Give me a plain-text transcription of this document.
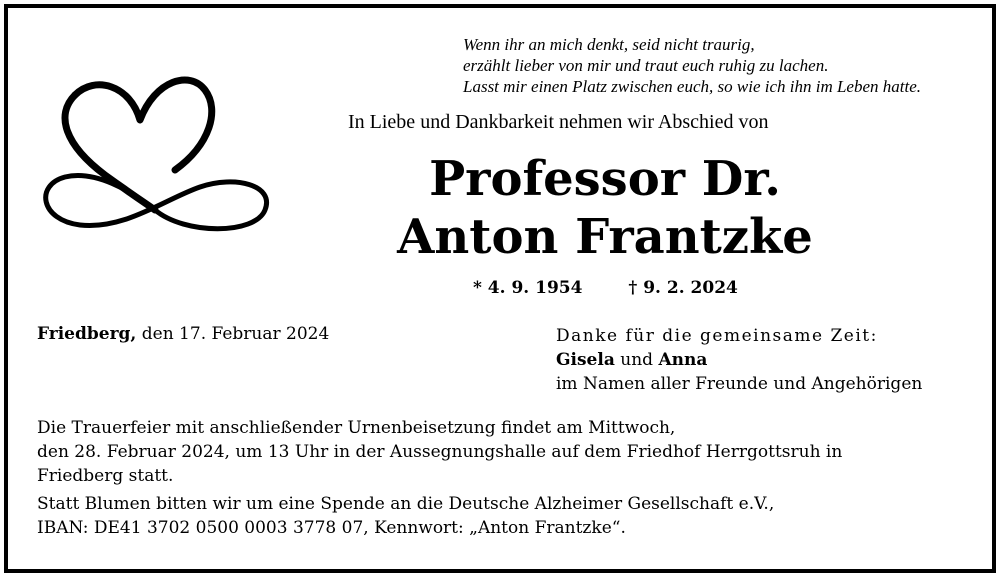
Wenn ihr an mich denkt, seid nicht traurig,
erzählt lieber von mir und traut euch ruhig zu lachen.
Lasst mir einen Platz zwischen euch, so wie ich ihn im Leben hatte.
In Liebe und Dankbarkeit nehmen wir Abschied von
Professor Dr.
Anton Frantzke
* 4. 9. 1954	† 9. 2. 2024
Friedberg, den 17. Februar 2024	Danke für die gemeinsame Zeit:
Gisela und Anna
im Namen aller Freunde und Angehörigen
Die Trauerfeier mit anschließender Urnenbeisetzung findet am Mittwoch,
den 28. Februar 2024, um 13 Uhr in der Aussegnungshalle auf dem Friedhof Herrgottsruh in
Friedberg statt.
Statt Blumen bitten wir um eine Spende an die Deutsche Alzheimer Gesellschaft e.V.,
IBAN: DE41 3702 0500 0003 3778 07, Kennwort: „Anton Frantzke“.
